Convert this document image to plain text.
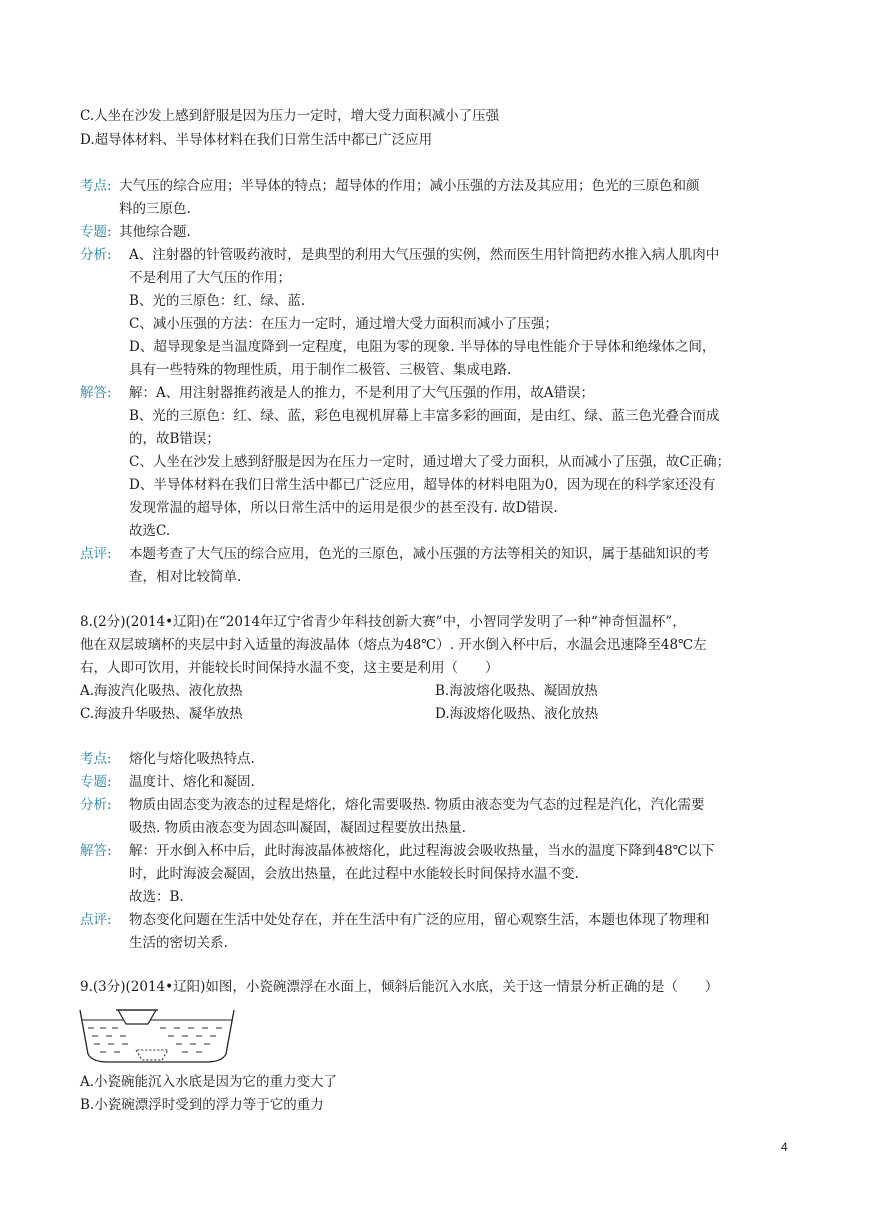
C.人坐在沙发上感到舒服是因为压力一定时，增大受力面积减小了压强
D.超导体材料、半导体材料在我们日常生活中都已广泛应用
考点: 大气压的综合应用；半导体的特点；超导体的作用；减小压强的方法及其应用；色光的三原色和颜
料的三原色.
专题: 其他综合题.
分析: A、注射器的针管吸药液时，是典型的利用大气压强的实例，然而医生用针筒把药水推入病人肌肉中
不是利用了大气压的作用；
B、光的三原色：红、绿、蓝.
C、减小压强的方法：在压力一定时，通过增大受力面积而减小了压强；
D、超导现象是当温度降到一定程度，电阻为零的现象. 半导体的导电性能介于导体和绝缘体之间，
具有一些特殊的物理性质，用于制作二极管、三极管、集成电路.
解答: 解：A、用注射器推药液是人的推力，不是利用了大气压强的作用，故A错误；
B、光的三原色：红、绿、蓝，彩色电视机屏幕上丰富多彩的画面，是由红、绿、蓝三色光叠合而成
的，故B错误；
C、人坐在沙发上感到舒服是因为在压力一定时，通过增大了受力面积，从而减小了压强，故C正确；
D、半导体材料在我们日常生活中都已广泛应用，超导体的材料电阻为0，因为现在的科学家还没有
发现常温的超导体，所以日常生活中的运用是很少的甚至没有. 故D错误.
故选C.
点评: 本题考查了大气压的综合应用，色光的三原色，减小压强的方法等相关的知识，属于基础知识的考
查，相对比较简单.
8.(2分)(2014•辽阳)在“2014年辽宁省青少年科技创新大赛”中，小智同学发明了一种“神奇恒温杯”，
他在双层玻璃杯的夹层中封入适量的海波晶体（熔点为48℃）. 开水倒入杯中后，水温会迅速降至48℃左
右，人即可饮用，并能较长时间保持水温不变，这主要是利用（　　）
A.海波汽化吸热、液化放热	B.海波熔化吸热、凝固放热
C.海波升华吸热、凝华放热	D.海波熔化吸热、液化放热
考点: 熔化与熔化吸热特点.
专题: 温度计、熔化和凝固.
分析: 物质由固态变为液态的过程是熔化，熔化需要吸热. 物质由液态变为气态的过程是汽化，汽化需要
吸热. 物质由液态变为固态叫凝固，凝固过程要放出热量.
解答: 解：开水倒入杯中后，此时海波晶体被熔化，此过程海波会吸收热量，当水的温度下降到48℃以下
时，此时海波会凝固，会放出热量，在此过程中水能较长时间保持水温不变.
故选：B.
点评: 物态变化问题在生活中处处存在，并在生活中有广泛的应用，留心观察生活，本题也体现了物理和
生活的密切关系.
9.(3分)(2014•辽阳)如图，小瓷碗漂浮在水面上，倾斜后能沉入水底，关于这一情景分析正确的是（　　）
A.小瓷碗能沉入水底是因为它的重力变大了
B.小瓷碗漂浮时受到的浮力等于它的重力
4
